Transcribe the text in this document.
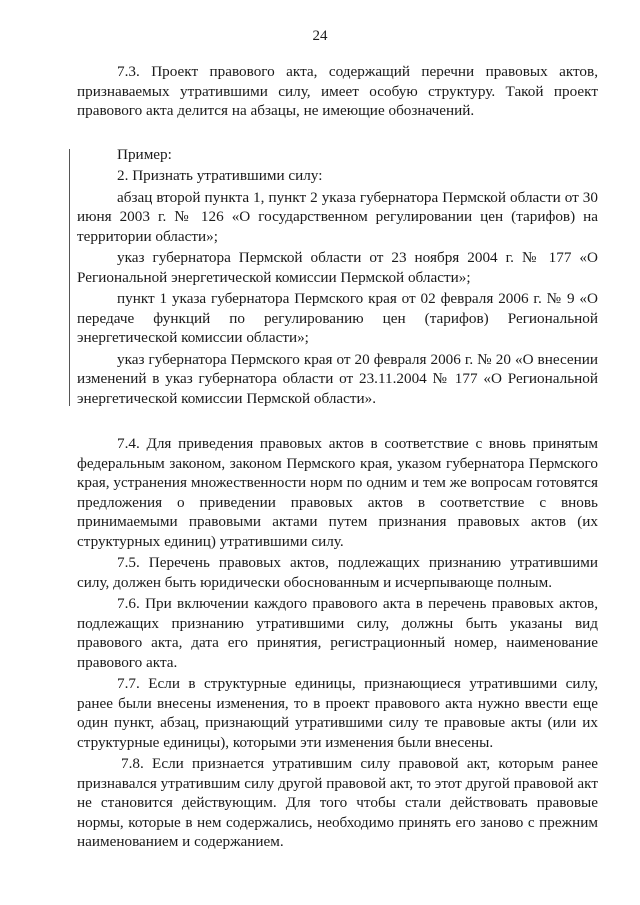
24

7.3. Проект правового акта, содержащий перечни правовых актов, признаваемых утратившими силу, имеет особую структуру. Такой проект правового акта делится на абзацы, не имеющие обозначений.

Пример:

2. Признать утратившими силу:

абзац второй пункта 1, пункт 2 указа губернатора Пермской области от 30 июня 2003 г. № 126 «О государственном регулировании цен (тарифов) на территории области»;

указ губернатора Пермской области от 23 ноября 2004 г. № 177 «О Региональной энергетической комиссии Пермской области»;

пункт 1 указа губернатора Пермского края от 02 февраля 2006 г. № 9 «О передаче функций по регулированию цен (тарифов) Региональной энергетической комиссии области»;

указ губернатора Пермского края от 20 февраля 2006 г. № 20 «О внесении изменений в указ губернатора области от 23.11.2004 № 177 «О Региональной энергетической комиссии Пермской области».

7.4. Для приведения правовых актов в соответствие с вновь принятым федеральным законом, законом Пермского края, указом губернатора Пермского края, устранения множественности норм по одним и тем же вопросам готовятся предложения о приведении правовых актов в соответствие с вновь принимаемыми правовыми актами путем признания правовых актов (их структурных единиц) утратившими силу.

7.5. Перечень правовых актов, подлежащих признанию утратившими силу, должен быть юридически обоснованным и исчерпывающе полным.

7.6. При включении каждого правового акта в перечень правовых актов, подлежащих признанию утратившими силу, должны быть указаны вид правового акта, дата его принятия, регистрационный номер, наименование правового акта.

7.7. Если в структурные единицы, признающиеся утратившими силу, ранее были внесены изменения, то в проект правового акта нужно ввести еще один пункт, абзац, признающий утратившими силу те правовые акты (или их структурные единицы), которыми эти изменения были внесены.

7.8. Если признается утратившим силу правовой акт, которым ранее признавался утратившим силу другой правовой акт, то этот другой правовой акт не становится действующим. Для того чтобы стали действовать правовые нормы, которые в нем содержались, необходимо принять его заново с прежним наименованием и содержанием.
